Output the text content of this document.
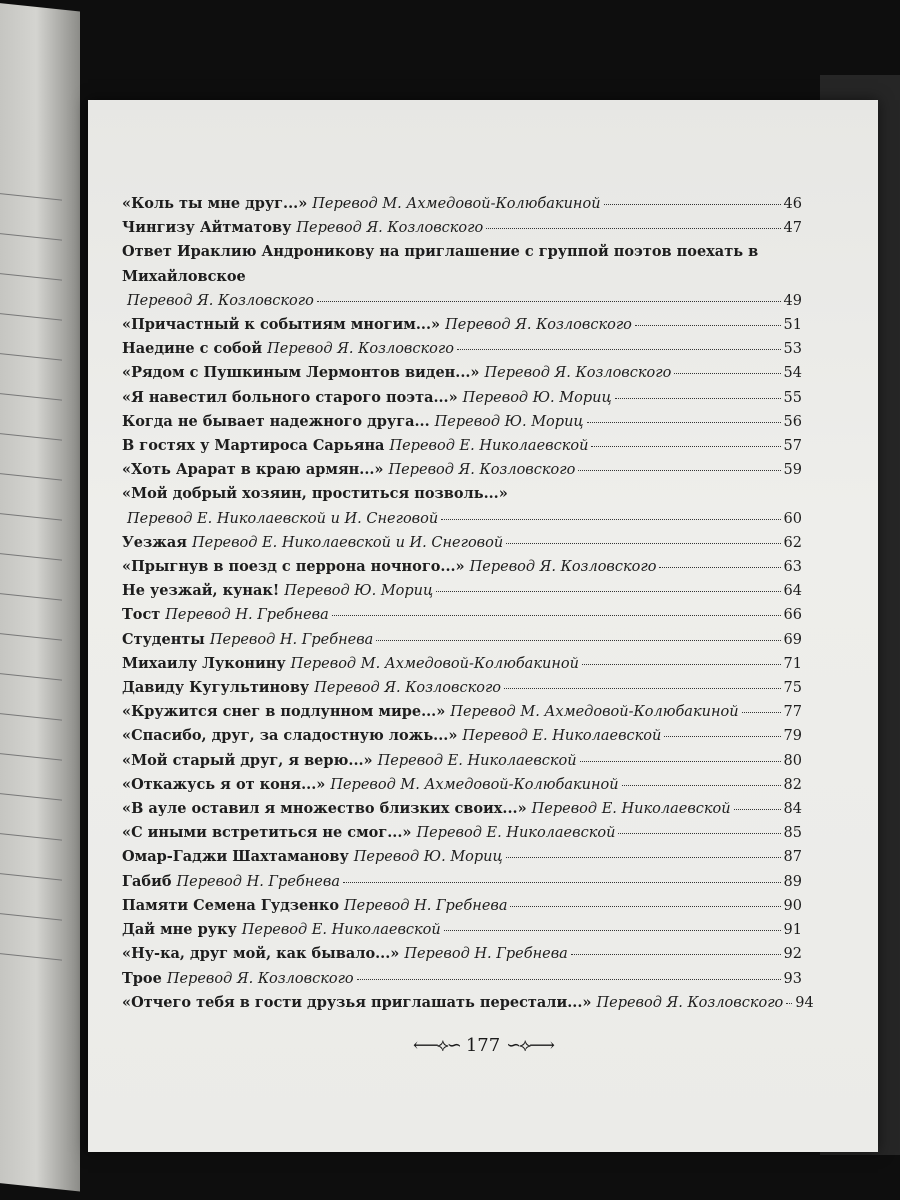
«Коль ты мне друг...» Перевод М. Ахмедовой-Колюбакиной	46
Чингизу Айтматову Перевод Я. Козловского	47
Ответ Ираклию Андроникову на приглашение с группой поэтов поехать в Михайловское
Перевод Я. Козловского	49
«Причастный к событиям многим...» Перевод Я. Козловского	51
Наедине с собой Перевод Я. Козловского	53
«Рядом с Пушкиным Лермонтов виден...» Перевод Я. Козловского	54
«Я навестил больного старого поэта...» Перевод Ю. Мориц	55
Когда не бывает надежного друга... Перевод Ю. Мориц	56
В гостях у Мартироса Сарьяна Перевод Е. Николаевской	57
«Хоть Арарат в краю армян...» Перевод Я. Козловского	59
«Мой добрый хозяин, проститься позволь...»
Перевод Е. Николаевской и И. Снеговой	60
Уезжая Перевод Е. Николаевской и И. Снеговой	62
«Прыгнув в поезд с перрона ночного...» Перевод Я. Козловского	63
Не уезжай, кунак! Перевод Ю. Мориц	64
Тост Перевод Н. Гребнева	66
Студенты Перевод Н. Гребнева	69
Михаилу Луконину Перевод М. Ахмедовой-Колюбакиной	71
Давиду Кугультинову Перевод Я. Козловского	75
«Кружится снег в подлунном мире...» Перевод М. Ахмедовой-Колюбакиной	77
«Спасибо, друг, за сладостную ложь...» Перевод Е. Николаевской	79
«Мой старый друг, я верю...» Перевод Е. Николаевской	80
«Откажусь я от коня...» Перевод М. Ахмедовой-Колюбакиной	82
«В ауле оставил я множество близких своих...» Перевод Е. Николаевской	84
«С иными встретиться не смог...» Перевод Е. Николаевской	85
Омар-Гаджи Шахтаманову Перевод Ю. Мориц	87
Габиб Перевод Н. Гребнева	89
Памяти Семена Гудзенко Перевод Н. Гребнева	90
Дай мне руку Перевод Е. Николаевской	91
«Ну-ка, друг мой, как бывало...» Перевод Н. Гребнева	92
Трое Перевод Я. Козловского	93
«Отчего тебя в гости друзья приглашать перестали...» Перевод Я. Козловского 94
⟵⟡∽ 177 ∽⟡⟶
